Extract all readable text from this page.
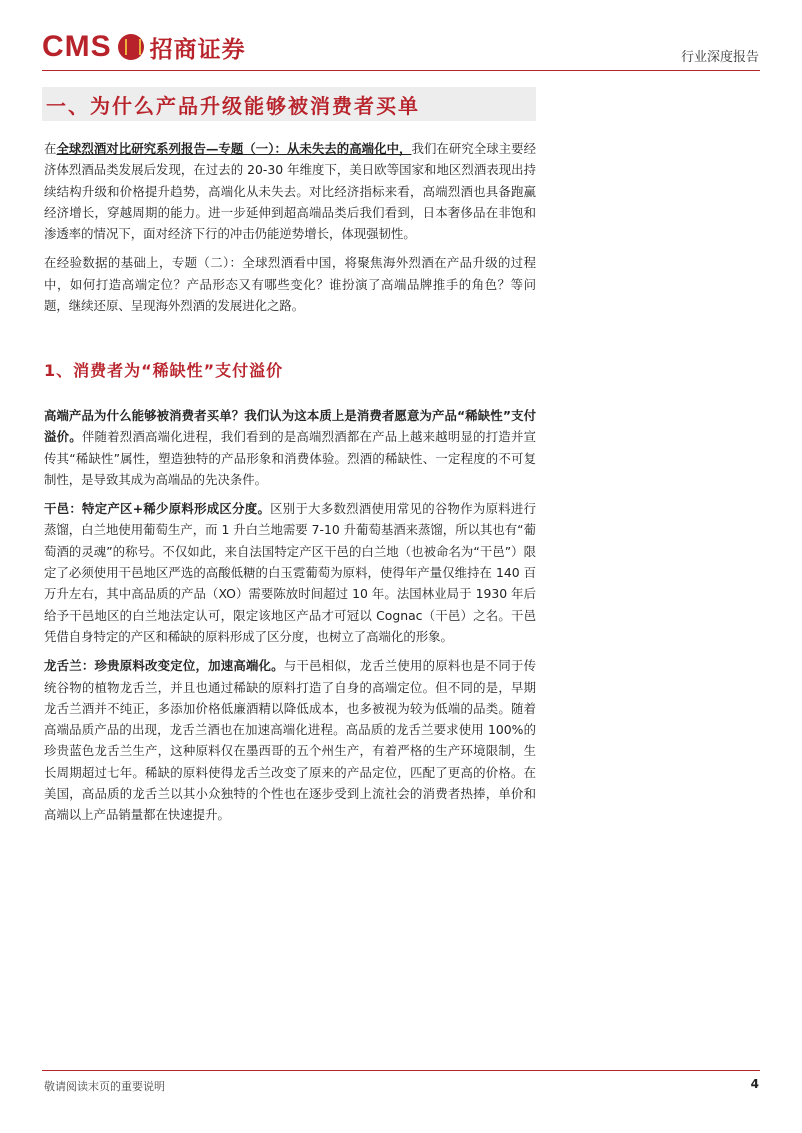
CMS 招商证券	行业深度报告
一、为什么产品升级能够被消费者买单

在全球烈酒对比研究系列报告—专题（一）：从未失去的高端化中，我们在研究全球主要经济体烈酒品类发展后发现，在过去的 20-30 年维度下，美日欧等国家和地区烈酒表现出持续结构升级和价格提升趋势，高端化从未失去。对比经济指标来看，高端烈酒也具备跑赢经济增长，穿越周期的能力。进一步延伸到超高端品类后我们看到，日本奢侈品在非饱和渗透率的情况下，面对经济下行的冲击仍能逆势增长，体现强韧性。

在经验数据的基础上，专题（二）：全球烈酒看中国，将聚焦海外烈酒在产品升级的过程中，如何打造高端定位？产品形态又有哪些变化？谁扮演了高端品牌推手的角色？等问题，继续还原、呈现海外烈酒的发展进化之路。

1、消费者为“稀缺性”支付溢价

高端产品为什么能够被消费者买单？我们认为这本质上是消费者愿意为产品“稀缺性”支付溢价。伴随着烈酒高端化进程，我们看到的是高端烈酒都在产品上越来越明显的打造并宣传其“稀缺性”属性，塑造独特的产品形象和消费体验。烈酒的稀缺性、一定程度的不可复制性，是导致其成为高端品的先决条件。

干邑：特定产区+稀少原料形成区分度。区别于大多数烈酒使用常见的谷物作为原料进行蒸馏，白兰地使用葡萄生产，而 1 升白兰地需要 7-10 升葡萄基酒来蒸馏，所以其也有“葡萄酒的灵魂”的称号。不仅如此，来自法国特定产区干邑的白兰地（也被命名为“干邑”）限定了必须使用干邑地区严选的高酸低糖的白玉霓葡萄为原料，使得年产量仅维持在 140 百万升左右，其中高品质的产品（XO）需要陈放时间超过 10 年。法国林业局于 1930 年后给予干邑地区的白兰地法定认可，限定该地区产品才可冠以 Cognac（干邑）之名。干邑凭借自身特定的产区和稀缺的原料形成了区分度，也树立了高端化的形象。

龙舌兰：珍贵原料改变定位，加速高端化。与干邑相似，龙舌兰使用的原料也是不同于传统谷物的植物龙舌兰，并且也通过稀缺的原料打造了自身的高端定位。但不同的是，早期龙舌兰酒并不纯正，多添加价格低廉酒精以降低成本，也多被视为较为低端的品类。随着高端品质产品的出现，龙舌兰酒也在加速高端化进程。高品质的龙舌兰要求使用 100%的珍贵蓝色龙舌兰生产，这种原料仅在墨西哥的五个州生产，有着严格的生产环境限制，生长周期超过七年。稀缺的原料使得龙舌兰改变了原来的产品定位，匹配了更高的价格。在美国，高品质的龙舌兰以其小众独特的个性也在逐步受到上流社会的消费者热捧，单价和高端以上产品销量都在快速提升。

敬请阅读末页的重要说明	4
